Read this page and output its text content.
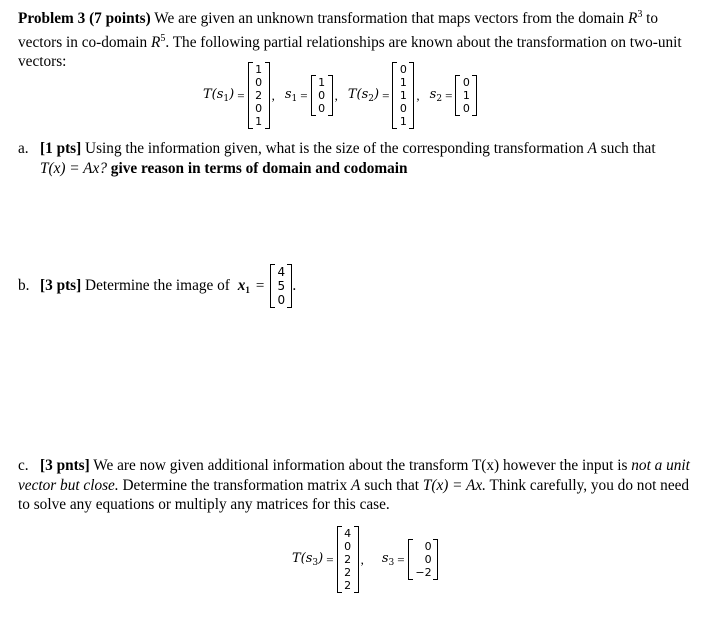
Problem 3 (7 points) We are given an unknown transformation that maps vectors from the domain $R^3$ to vectors in co-domain $R^5$. The following partial relationships are known about the transformation on two-unit vectors:
$T(s_1)$ =
1
0
2
0
1
, $s_1$ =
1
0
0
, $T(s_2)$ =
0
1
1
0
1
, $s_2$ =
0
1
0
a. [1 pts] Using the information given, what is the size of the corresponding transformation A such that
T(x) = Ax? give reason in terms of domain and codomain
b. [3 pts] Determine the image of $x_1$ =
4
5
0
.
c. [3 pnts] We are now given additional information about the transform T(x) however the input is not a unit vector but close. Determine the transformation matrix A such that T(x) = Ax. Think carefully, you do not need to solve any equations or multiply any matrices for this case.
$T(s_3)$ =
4
0
2
2
2
, $s_3$ =
0
0
−2
